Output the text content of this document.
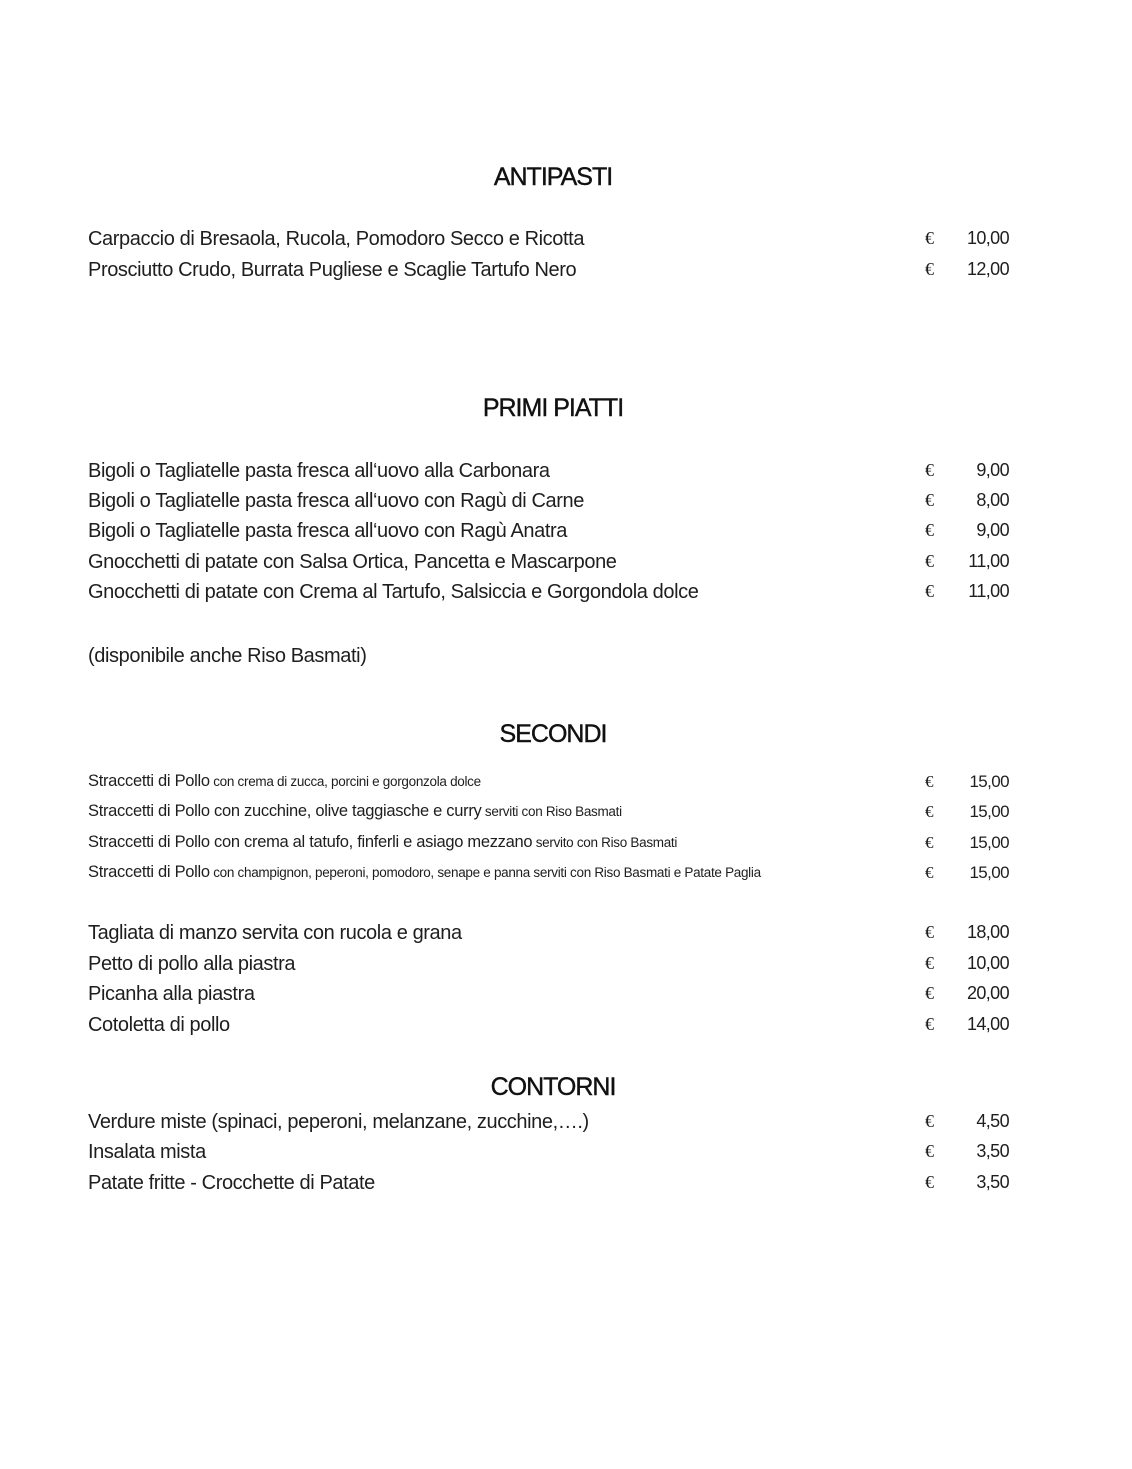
ANTIPASTI
Carpaccio di Bresaola, Rucola, Pomodoro Secco e Ricotta	€ 10,00
Prosciutto Crudo, Burrata Pugliese e Scaglie Tartufo Nero	€ 12,00
PRIMI PIATTI
Bigoli o Tagliatelle pasta fresca all‘uovo alla Carbonara	€ 9,00
Bigoli o Tagliatelle pasta fresca all‘uovo con Ragù di Carne	€ 8,00
Bigoli o Tagliatelle pasta fresca all‘uovo con Ragù Anatra	€ 9,00
Gnocchetti di patate con Salsa Ortica, Pancetta e Mascarpone	€ 11,00
Gnocchetti di patate con Crema al Tartufo, Salsiccia e Gorgondola dolce	€ 11,00
(disponibile anche Riso Basmati)
SECONDI
Straccetti di Pollo con crema di zucca, porcini e gorgonzola dolce	€ 15,00
Straccetti di Pollo con zucchine, olive taggiasche e curry serviti con Riso Basmati	€ 15,00
Straccetti di Pollo con crema al tatufo, finferli e asiago mezzano servito con Riso Basmati	€ 15,00
Straccetti di Pollo con champignon, peperoni, pomodoro, senape e panna serviti con Riso Basmati e Patate Paglia	€ 15,00
Tagliata di manzo servita con rucola e grana	€ 18,00
Petto di pollo alla piastra	€ 10,00
Picanha alla piastra	€ 20,00
Cotoletta di pollo	€ 14,00
CONTORNI
Verdure miste (spinaci, peperoni, melanzane, zucchine,….)	€ 4,50
Insalata mista	€ 3,50
Patate fritte - Crocchette di Patate	€ 3,50
